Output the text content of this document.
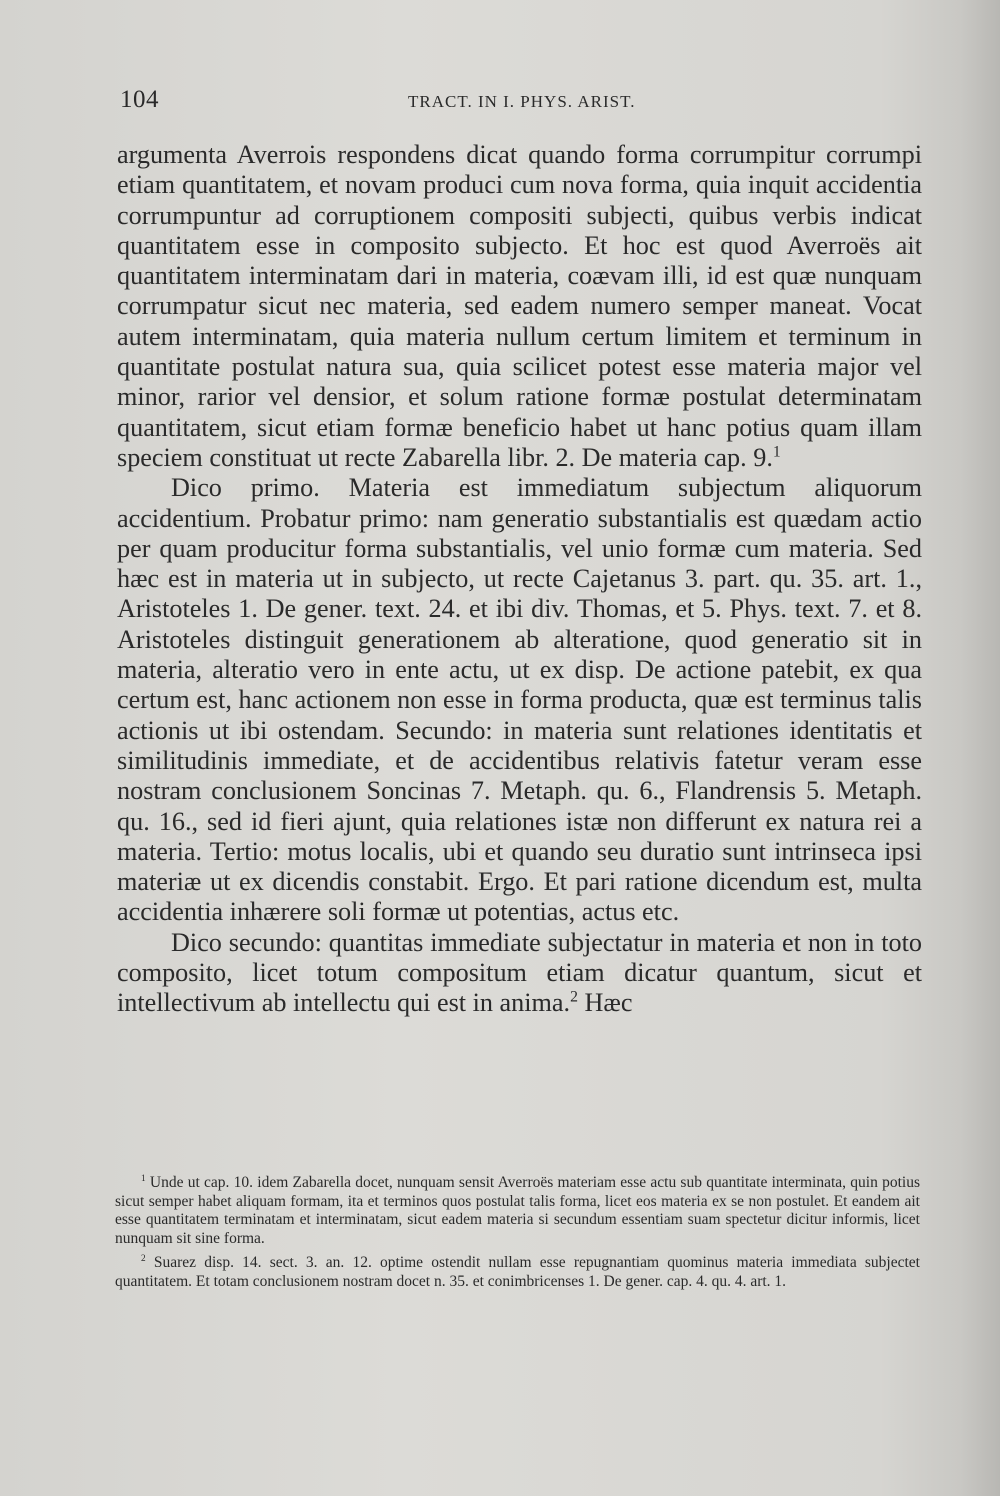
104	TRACT. IN I. PHYS. ARIST.

argumenta Averrois respondens dicat quando forma corrumpitur corrumpi etiam quantitatem, et novam produci cum nova forma, quia inquit accidentia corrumpuntur ad corruptionem compositi subjecti, quibus verbis indicat quantitatem esse in composito subjecto. Et hoc est quod Averroës ait quantitatem interminatam dari in materia, coævam illi, id est quæ nunquam corrumpatur sicut nec materia, sed eadem numero semper maneat. Vocat autem interminatam, quia materia nullum certum limitem et terminum in quantitate postulat natura sua, quia scilicet potest esse materia major vel minor, rarior vel densior, et solum ratione formæ postulat determinatam quantitatem, sicut etiam formæ beneficio habet ut hanc potius quam illam speciem constituat ut recte Zabarella libr. 2. De materia cap. 9.$^1$

Dico primo. Materia est immediatum subjectum aliquorum accidentium. Probatur primo: nam generatio substantialis est quædam actio per quam producitur forma substantialis, vel unio formæ cum materia. Sed hæc est in materia ut in subjecto, ut recte Cajetanus 3. part. qu. 35. art. 1., Aristoteles 1. De gener. text. 24. et ibi div. Thomas, et 5. Phys. text. 7. et 8. Aristoteles distinguit generationem ab alteratione, quod generatio sit in materia, alteratio vero in ente actu, ut ex disp. De actione patebit, ex qua certum est, hanc actionem non esse in forma producta, quæ est terminus talis actionis ut ibi ostendam. Secundo: in materia sunt relationes identitatis et similitudinis immediate, et de accidentibus relativis fatetur veram esse nostram conclusionem Soncinas 7. Metaph. qu. 6., Flandrensis 5. Metaph. qu. 16., sed id fieri ajunt, quia relationes istæ non differunt ex natura rei a materia. Tertio: motus localis, ubi et quando seu duratio sunt intrinseca ipsi materiæ ut ex dicendis constabit. Ergo. Et pari ratione dicendum est, multa accidentia inhærere soli formæ ut potentias, actus etc.

Dico secundo: quantitas immediate subjectatur in materia et non in toto composito, licet totum compositum etiam dicatur quantum, sicut et intellectivum ab intellectu qui est in anima.$^2$ Hæc

$^1$ Unde ut cap. 10. idem Zabarella docet, nunquam sensit Averroës materiam esse actu sub quantitate interminata, quin potius sicut semper habet aliquam formam, ita et terminos quos postulat talis forma, licet eos materia ex se non postulet. Et eandem ait esse quantitatem terminatam et interminatam, sicut eadem materia si secundum essentiam suam spectetur dicitur informis, licet nunquam sit sine forma.

$^2$ Suarez disp. 14. sect. 3. an. 12. optime ostendit nullam esse repugnantiam quominus materia immediata subjectet quantitatem. Et totam conclusionem nostram docet n. 35. et conimbricenses 1. De gener. cap. 4. qu. 4. art. 1.
